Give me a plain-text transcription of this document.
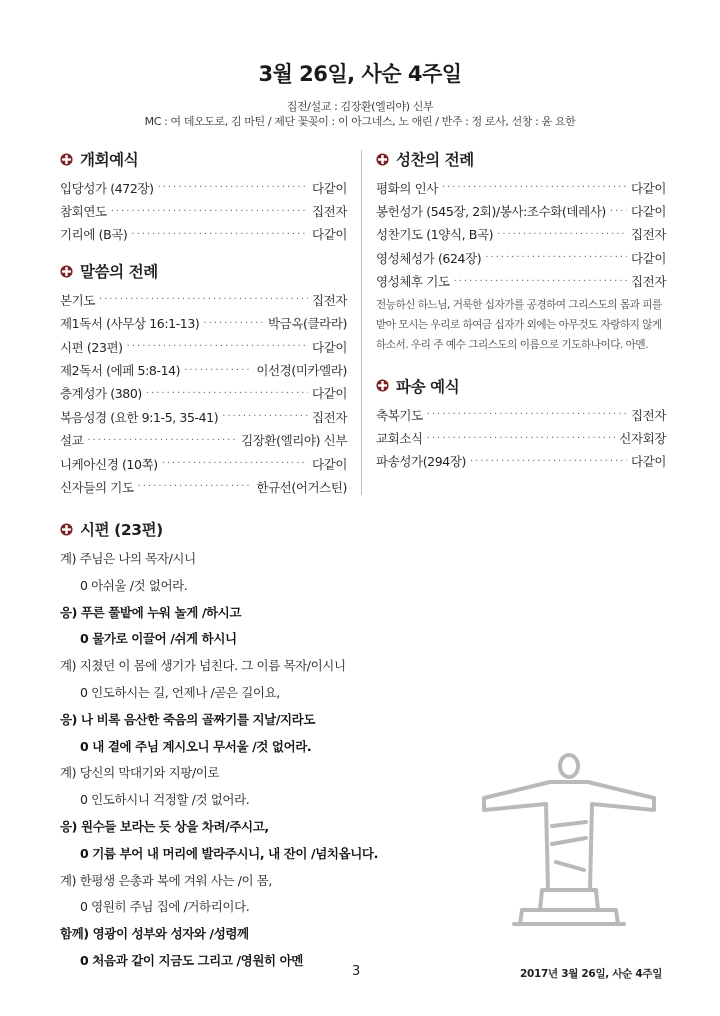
3월 26일, 사순 4주일
집전/설교 : 김장환(엘리야) 신부
MC : 여 데오도로, 김 마틴 / 제단 꽃꽂이 : 이 아그네스, 노 애린 / 반주 : 정 로사, 선창 : 윤 요한
개회예식
입당성가 (472장) ·····	다같이
참회연도 ·····	집전자
기리에 (B곡) ·····	다같이
말씀의 전례
본기도 ·····	집전자
제1독서 (사무상 16:1-13) ·····	박금옥(클라라)
시편 (23편) ·····	다같이
제2독서 (에페 5:8-14) ·····	이선경(미카엘라)
층계성가 (380) ·····	다같이
복음성경 (요한 9:1-5, 35-41) ·····	집전자
설교 ·····	김장환(엘리야) 신부
니케아신경 (10쪽) ·····	다같이
신자들의 기도 ·····	한규선(어거스틴)
성찬의 전례
평화의 인사 ·····	다같이
봉헌성가 (545장, 2회)/봉사:조수화(데레사) ····· 다같이
성찬기도 (1양식, B곡) ·····	집전자
영성체성가 (624장) ·····	다같이
영성체후 기도 ·····	집전자
전능하신 하느님, 거룩한 십자가를 공경하여 그리스도의 몸과 피를 받아 모시는 우리로 하여금 십자가 외에는 아무것도 자랑하지 않게 하소서. 우리 주 예수 그리스도의 이름으로 기도하나이다. 아멘.
파송 예식
축복기도 ·····	집전자
교회소식 ·····	신자회장
파송성가(294장) ·····	다같이
시편 (23편)
계) 주님은 나의 목자/시니
0 아쉬울 /것 없어라.
응) 푸른 풀밭에 누워 놀게 /하시고
0 물가로 이끌어 /쉬게 하시니
계) 지쳤던 이 몸에 생기가 넘친다. 그 이름 목자/이시니
0 인도하시는 길, 언제나 /곧은 길이요,
응) 나 비록 음산한 죽음의 골짜기를 지날/지라도
0 내 곁에 주님 계시오니 무서울 /것 없어라.
계) 당신의 막대기와 지팡/이로
0 인도하시니 걱정할 /것 없어라.
응) 원수들 보라는 듯 상을 차려/주시고,
0 기름 부어 내 머리에 발라주시니, 내 잔이 /넘치옵니다.
계) 한평생 은총과 복에 겨워 사는 /이 몸,
0 영원히 주님 집에 /거하리이다.
함께) 영광이 성부와 성자와 /성령께
0 처음과 같이 지금도 그리고 /영원히 아멘
3	2017년 3월 26일, 사순 4주일
